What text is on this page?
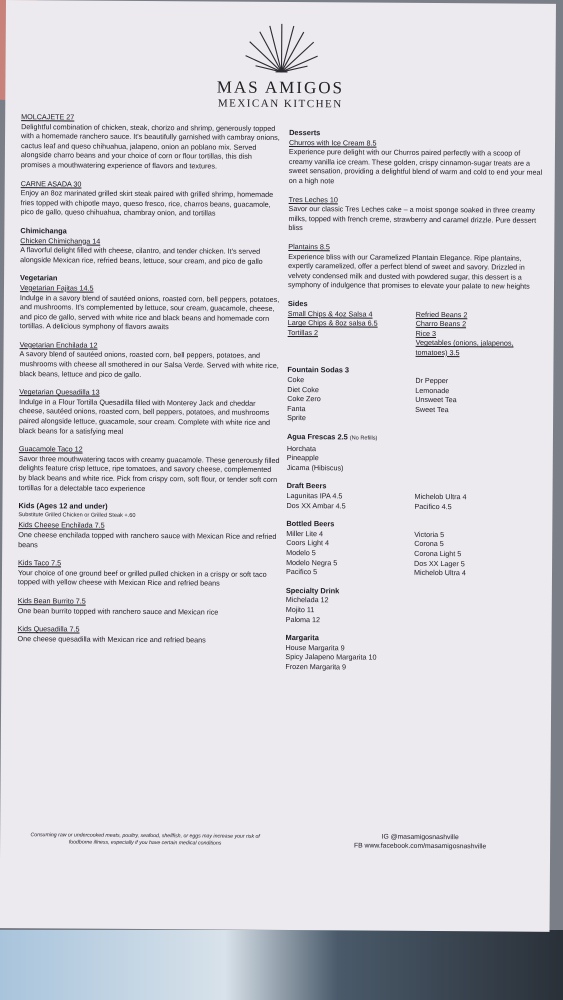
MAS AMIGOS
MEXICAN KITCHEN
MOLCAJETE 27
Delightful combination of chicken, steak, chorizo and shrimp, generously topped with a homemade ranchero sauce. It's beautifully garnished with cambray onions, cactus leaf and queso chihuahua, jalapeno, onion an poblano mix. Served alongside charro beans and your choice of corn or flour tortillas, this dish promises a mouthwatering experience of flavors and textures.
CARNE ASADA 30
Enjoy an 8oz marinated grilled skirt steak paired with grilled shrimp, homemade fries topped with chipotle mayo, queso fresco, rice, charros beans, guacamole, pico de gallo, queso chihuahua, chambray onion, and tortillas
Chimichanga
Chicken Chimichanga 14
A flavorful delight filled with cheese, cilantro, and tender chicken. It's served alongside Mexican rice, refried beans, lettuce, sour cream, and pico de gallo
Vegetarian
Vegetarian Fajitas 14.5
Indulge in a savory blend of sautéed onions, roasted corn, bell peppers, potatoes, and mushrooms. It's complemented by lettuce, sour cream, guacamole, cheese, and pico de gallo, served with white rice and black beans and homemade corn tortillas. A delicious symphony of flavors awaits
Vegetarian Enchilada 12
A savory blend of sautéed onions, roasted corn, bell peppers, potatoes, and mushrooms with cheese all smothered in our Salsa Verde. Served with white rice, black beans, lettuce and pico de gallo.
Vegetarian Quesadilla 13
Indulge in a Flour Tortilla Quesadilla filled with Monterey Jack and cheddar cheese, sautéed onions, roasted corn, bell peppers, potatoes, and mushrooms paired alongside lettuce, guacamole, sour cream. Complete with white rice and black beans for a satisfying meal
Guacamole Taco 12
Savor three mouthwatering tacos with creamy guacamole. These generously filled delights feature crisp lettuce, ripe tomatoes, and savory cheese, complemented by black beans and white rice. Pick from crispy corn, soft flour, or tender soft corn tortillas for a delectable taco experience
Kids (Ages 12 and under)
Substitute Grilled Chicken or Grilled Steak +.60
Kids Cheese Enchilada 7.5
One cheese enchilada topped with ranchero sauce with Mexican Rice and refried beans
Kids Taco 7.5
Your choice of one ground beef or grilled pulled chicken in a crispy or soft taco topped with yellow cheese with Mexican Rice and refried beans
Kids Bean Burrito 7.5
One bean burrito topped with ranchero sauce and Mexican rice
Kids Quesadilla 7.5
One cheese quesadilla with Mexican rice and refried beans
Desserts
Churros with Ice Cream 8.5
Experience pure delight with our Churros paired perfectly with a scoop of creamy vanilla ice cream. These golden, crispy cinnamon-sugar treats are a sweet sensation, providing a delightful blend of warm and cold to end your meal on a high note
Tres Leches 10
Savor our classic Tres Leches cake – a moist sponge soaked in three creamy milks, topped with french creme, strawberry and caramel drizzle. Pure dessert bliss
Plantains 8.5
Experience bliss with our Caramelized Plantain Elegance. Ripe plantains, expertly caramelized, offer a perfect blend of sweet and savory. Drizzled in velvety condensed milk and dusted with powdered sugar, this dessert is a symphony of indulgence that promises to elevate your palate to new heights
Sides
Small Chips & 4oz Salsa 4
Large Chips & 8oz salsa 6.5
Tortillas 2
Refried Beans 2
Charro Beans 2
Rice 3
Vegetables (onions, jalapenos, tomatoes) 3.5
Fountain Sodas 3
Coke
Diet Coke
Coke Zero
Fanta
Sprite
Dr Pepper
Lemonade
Unsweet Tea
Sweet Tea
Agua Frescas 2.5 (No Refills)
Horchata
Pineapple
Jicama (Hibiscus)
Draft Beers
Lagunitas IPA 4.5
Dos XX Ambar 4.5
Michelob Ultra 4
Pacifico 4.5
Bottled Beers
Miller Lite 4
Coors Light 4
Modelo 5
Modelo Negra 5
Pacifico 5
Victoria 5
Corona 5
Corona Light 5
Dos XX Lager 5
Michelob Ultra 4
Specialty Drink
Michelada 12
Mojito 11
Paloma 12
Margarita
House Margarita 9
Spicy Jalapeno Margarita 10
Frozen Margarita 9
Consuming raw or undercooked meats, poultry, seafood, shellfish, or eggs may increase your risk of foodborne illness, especially if you have certain medical conditions
IG @masamigosnashville
FB www.facebook.com/masamigosnashville
